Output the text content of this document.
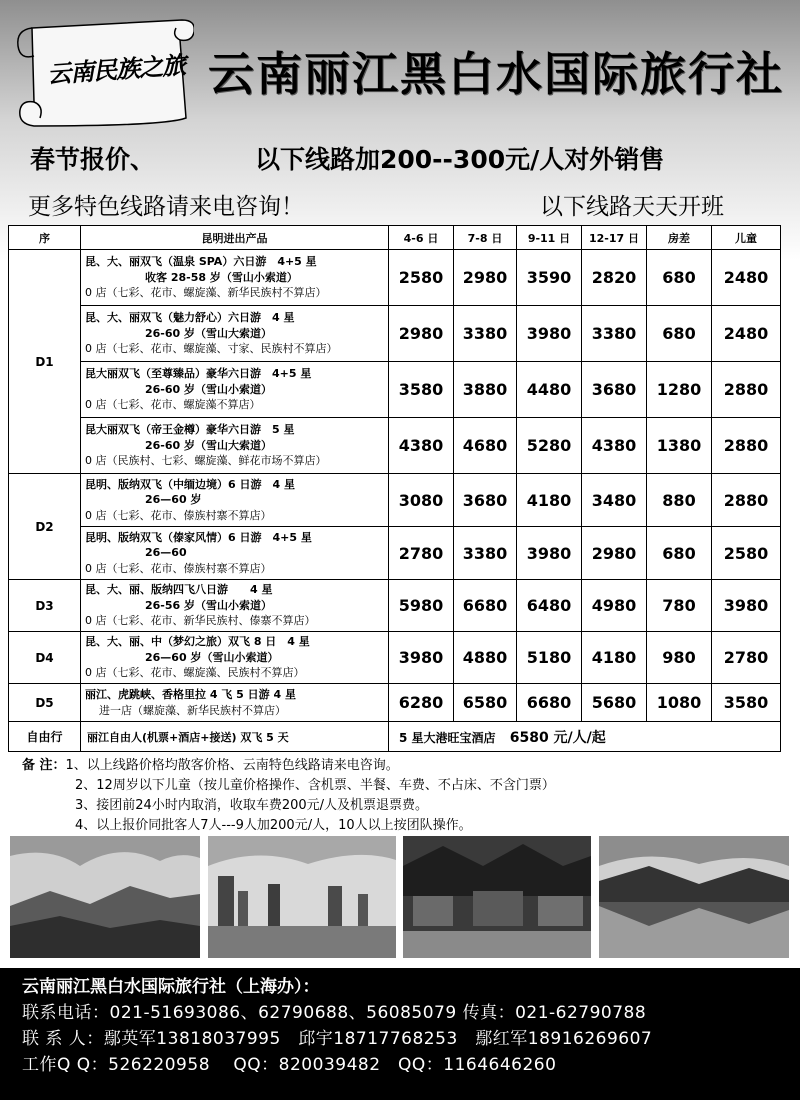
云南民族之旅 云南丽江黑白水国际旅行社
春节报价、	以下线路加200--300元/人对外销售
更多特色线路请来电咨询！	以下线路天天开班
序	昆明进出产品	4-6 日	7-8 日	9-11 日	12-17 日	房差	儿童
D1	昆、大、丽双飞（温泉 SPA）六日游　4+5 星
收客 28-58 岁（雪山小索道）
0 店（七彩、花市、螺旋藻、新华民族村不算店）	2580	2980	3590	2820	680	2480

	昆、大、丽双飞（魅力舒心）六日游　4 星
26-60 岁（雪山大索道）
0 店（七彩、花市、螺旋藻、寸家、民族村不算店）	2980	3380	3980	3380	680	2480

	昆大丽双飞（至尊臻品）豪华六日游　4+5 星
26-60 岁（雪山小索道）
0 店（七彩、花市、螺旋藻不算店）	3580	3880	4480	3680	1280	2880

	昆大丽双飞（帝王金樽）豪华六日游　5 星
26-60 岁（雪山大索道）
0 店（民族村、七彩、螺旋藻、鲜花市场不算店）	4380	4680	5280	4380	1380	2880
D2	昆明、版纳双飞（中缅边境）6 日游　4 星
26—60 岁
0 店（七彩、花市、傣族村寨不算店）	3080	3680	4180	3480	880	2880

	昆明、版纳双飞（傣家风情）6 日游　4+5 星
26—60
0 店（七彩、花市、傣族村寨不算店）	2780	3380	3980	2980	680	2580
D3	昆、大、丽、版纳四飞八日游　　4 星
26-56 岁（雪山小索道）
0 店（七彩、花市、新华民族村、傣寨不算店）	5980	6680	6480	4980	780	3980
D4	昆、大、丽、中（梦幻之旅）双飞 8 日　4 星
26—60 岁（雪山小索道）
0 店（七彩、花市、螺旋藻、民族村不算店）	3980	4880	5180	4180	980	2780
D5	丽江、虎跳峡、香格里拉 4 飞 5 日游 4 星
进一店（螺旋藻、新华民族村不算店）	6280	6580	6680	5680	1080	3580
自由行	丽江自由人(机票+酒店+接送) 双飞 5 天	5 星大港旺宝酒店 6580 元/人/起					
备 注：1、以上线路价格均散客价格、云南特色线路请来电咨询。
2、12周岁以下儿童（按儿童价格操作、含机票、半餐、车费、不占床、不含门票）
3、接团前24小时内取消，收取车费200元/人及机票退票费。
4、以上报价同批客人7人---9人加200元/人，10人以上按团队操作。
云南丽江黑白水国际旅行社（上海办）：
联系电话：021-51693086、62790688、56085079 传真：021-62790788
联 系 人：鄢英军13818037995　邱宇18717768253　鄢红军18916269607
工作Q Q：526220958　 QQ：820039482　QQ：1164646260
